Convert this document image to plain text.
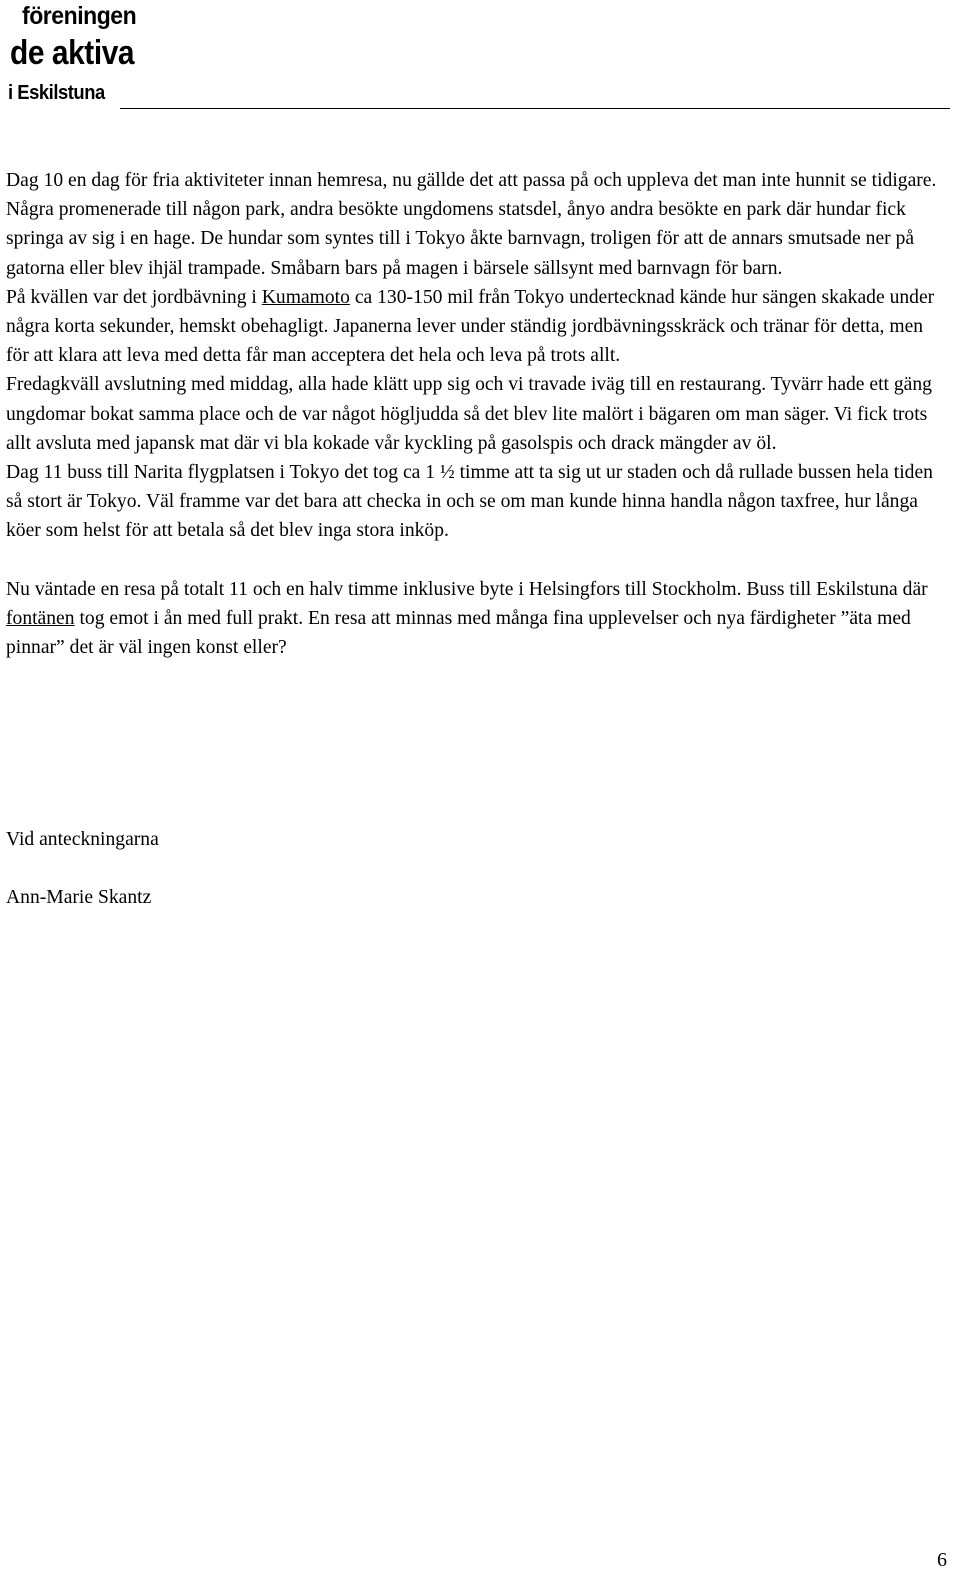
föreningen
de aktiva
i Eskilstuna

Dag 10 en dag för fria aktiviteter innan hemresa, nu gällde det att passa på och uppleva det man inte hunnit se tidigare. Några promenerade till någon park, andra besökte ungdomens statsdel, ånyo andra besökte en park där hundar fick springa av sig i en hage. De hundar som syntes till i Tokyo åkte barnvagn, troligen för att de annars smutsade ner på gatorna eller blev ihjäl trampade. Småbarn bars på magen i bärsele sällsynt med barnvagn för barn.

På kvällen var det jordbävning i Kumamoto ca 130-150 mil från Tokyo undertecknad kände hur sängen skakade under några korta sekunder, hemskt obehagligt. Japanerna lever under ständig jordbävningsskräck och tränar för detta, men för att klara att leva med detta får man acceptera det hela och leva på trots allt.

Fredagkväll avslutning med middag, alla hade klätt upp sig och vi travade iväg till en restaurang. Tyvärr hade ett gäng ungdomar bokat samma place och de var något högljudda så det blev lite malört i bägaren om man säger. Vi fick trots allt avsluta med japansk mat där vi bla kokade vår kyckling på gasolspis och drack mängder av öl.

Dag 11 buss till Narita flygplatsen i Tokyo det tog ca 1 ½ timme att ta sig ut ur staden och då rullade bussen hela tiden så stort är Tokyo. Väl framme var det bara att checka in och se om man kunde hinna handla någon taxfree, hur långa köer som helst för att betala så det blev inga stora inköp.

Nu väntade en resa på totalt 11 och en halv timme inklusive byte i Helsingfors till Stockholm. Buss till Eskilstuna där fontänen tog emot i ån med full prakt. En resa att minnas med många fina upplevelser och nya färdigheter ”äta med pinnar” det är väl ingen konst eller?

Vid anteckningarna

Ann-Marie Skantz

6
